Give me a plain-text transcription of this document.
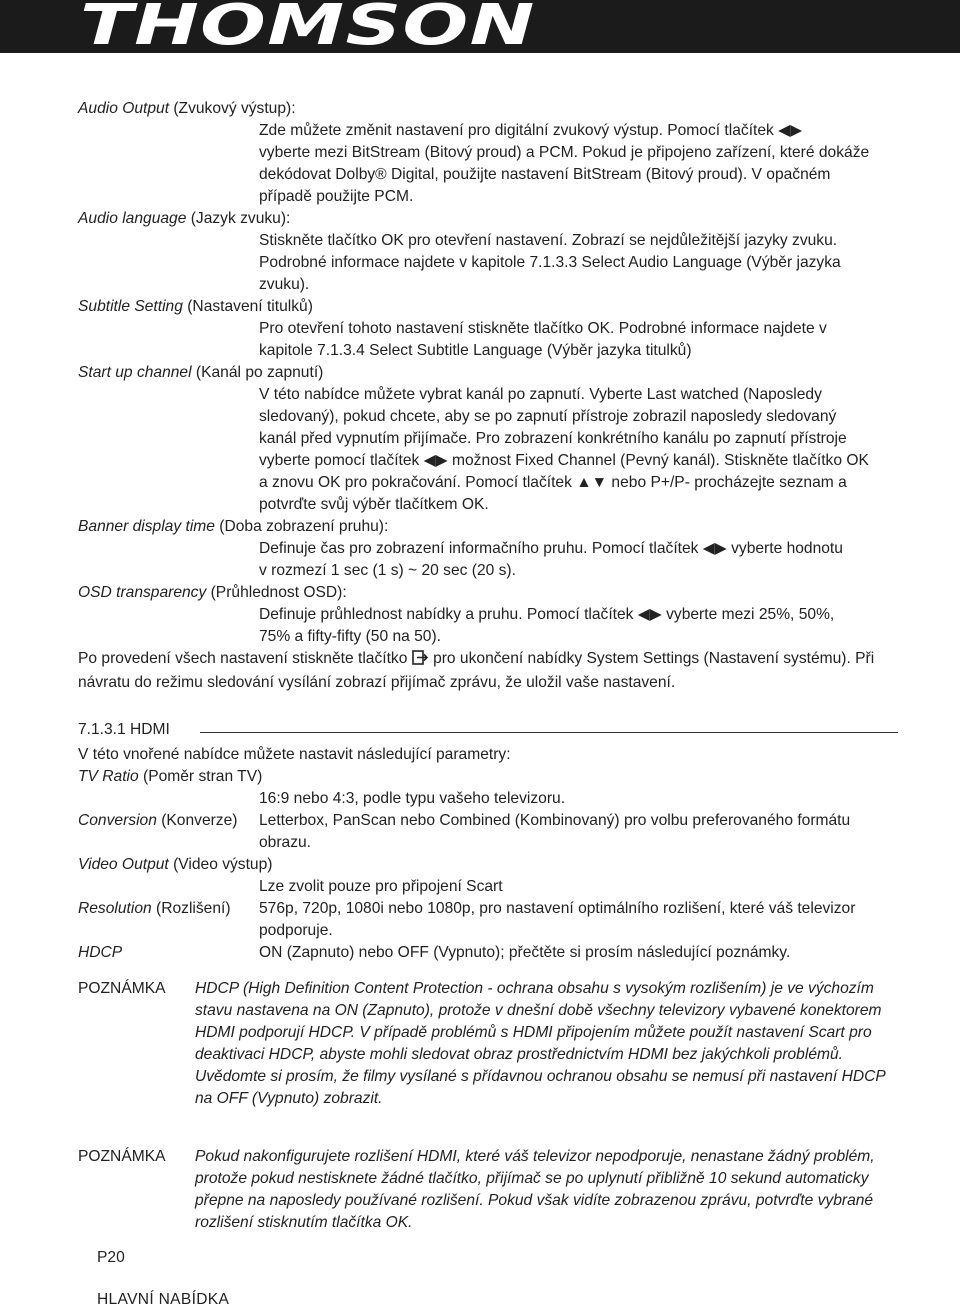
THOMSON
Audio Output (Zvukový výstup):
Zde můžete změnit nastavení pro digitální zvukový výstup. Pomocí tlačítek ◀▶
vyberte mezi BitStream (Bitový proud) a PCM. Pokud je připojeno zařízení, které dokáže
dekódovat Dolby® Digital, použijte nastavení BitStream (Bitový proud). V opačném
případě použijte PCM.
Audio language (Jazyk zvuku):
Stiskněte tlačítko OK pro otevření nastavení. Zobrazí se nejdůležitější jazyky zvuku.
Podrobné informace najdete v kapitole 7.1.3.3 Select Audio Language (Výběr jazyka
zvuku).
Subtitle Setting (Nastavení titulků)
Pro otevření tohoto nastavení stiskněte tlačítko OK. Podrobné informace najdete v
kapitole 7.1.3.4 Select Subtitle Language (Výběr jazyka titulků)
Start up channel (Kanál po zapnutí)
V této nabídce můžete vybrat kanál po zapnutí. Vyberte Last watched (Naposledy
sledovaný), pokud chcete, aby se po zapnutí přístroje zobrazil naposledy sledovaný
kanál před vypnutím přijímače. Pro zobrazení konkrétního kanálu po zapnutí přístroje
vyberte pomocí tlačítek ◀▶ možnost Fixed Channel (Pevný kanál). Stiskněte tlačítko OK
a znovu OK pro pokračování. Pomocí tlačítek ▲▼ nebo P+/P- procházejte seznam a
potvrďte svůj výběr tlačítkem OK.
Banner display time (Doba zobrazení pruhu):
Definuje čas pro zobrazení informačního pruhu. Pomocí tlačítek ◀▶ vyberte hodnotu
v rozmezí 1 sec (1 s) ~ 20 sec (20 s).
OSD transparency (Průhlednost OSD):
Definuje průhlednost nabídky a pruhu. Pomocí tlačítek ◀▶ vyberte mezi 25%, 50%,
75% a fifty-fifty (50 na 50).
Po provedení všech nastavení stiskněte tlačítko  pro ukončení nabídky System Settings (Nastavení systému). Při
návratu do režimu sledování vysílání zobrazí přijímač zprávu, že uložil vaše nastavení.
7.1.3.1 HDMI
V této vnořené nabídce můžete nastavit následující parametry:
TV Ratio (Poměr stran TV)
16:9 nebo 4:3, podle typu vašeho televizoru.
Conversion (Konverze)	Letterbox, PanScan nebo Combined (Kombinovaný) pro volbu preferovaného formátu
obrazu.
Video Output (Video výstup)
Lze zvolit pouze pro připojení Scart
Resolution (Rozlišení)	576p, 720p, 1080i nebo 1080p, pro nastavení optimálního rozlišení, které váš televizor
podporuje.
HDCP	ON (Zapnuto) nebo OFF (Vypnuto); přečtěte si prosím následující poznámky.
POZNÁMKA	HDCP (High Definition Content Protection - ochrana obsahu s vysokým rozlišením) je ve výchozím
stavu nastavena na ON (Zapnuto), protože v dnešní době všechny televizory vybavené konektorem
HDMI podporují HDCP. V případě problémů s HDMI připojením můžete použít nastavení Scart pro
deaktivaci HDCP, abyste mohli sledovat obraz prostřednictvím HDMI bez jakýchkoli problémů.
Uvědomte si prosím, že filmy vysílané s přídavnou ochranou obsahu se nemusí při nastavení HDCP
na OFF (Vypnuto) zobrazit.
POZNÁMKA	Pokud nakonfigurujete rozlišení HDMI, které váš televizor nepodporuje, nenastane žádný problém,
protože pokud nestisknete žádné tlačítko, přijímač se po uplynutí přibližně 10 sekund automaticky
přepne na naposledy používané rozlišení. Pokud však vidíte zobrazenou zprávu, potvrďte vybrané
rozlišení stisknutím tlačítka OK.
P20
HLAVNÍ NABÍDKA
